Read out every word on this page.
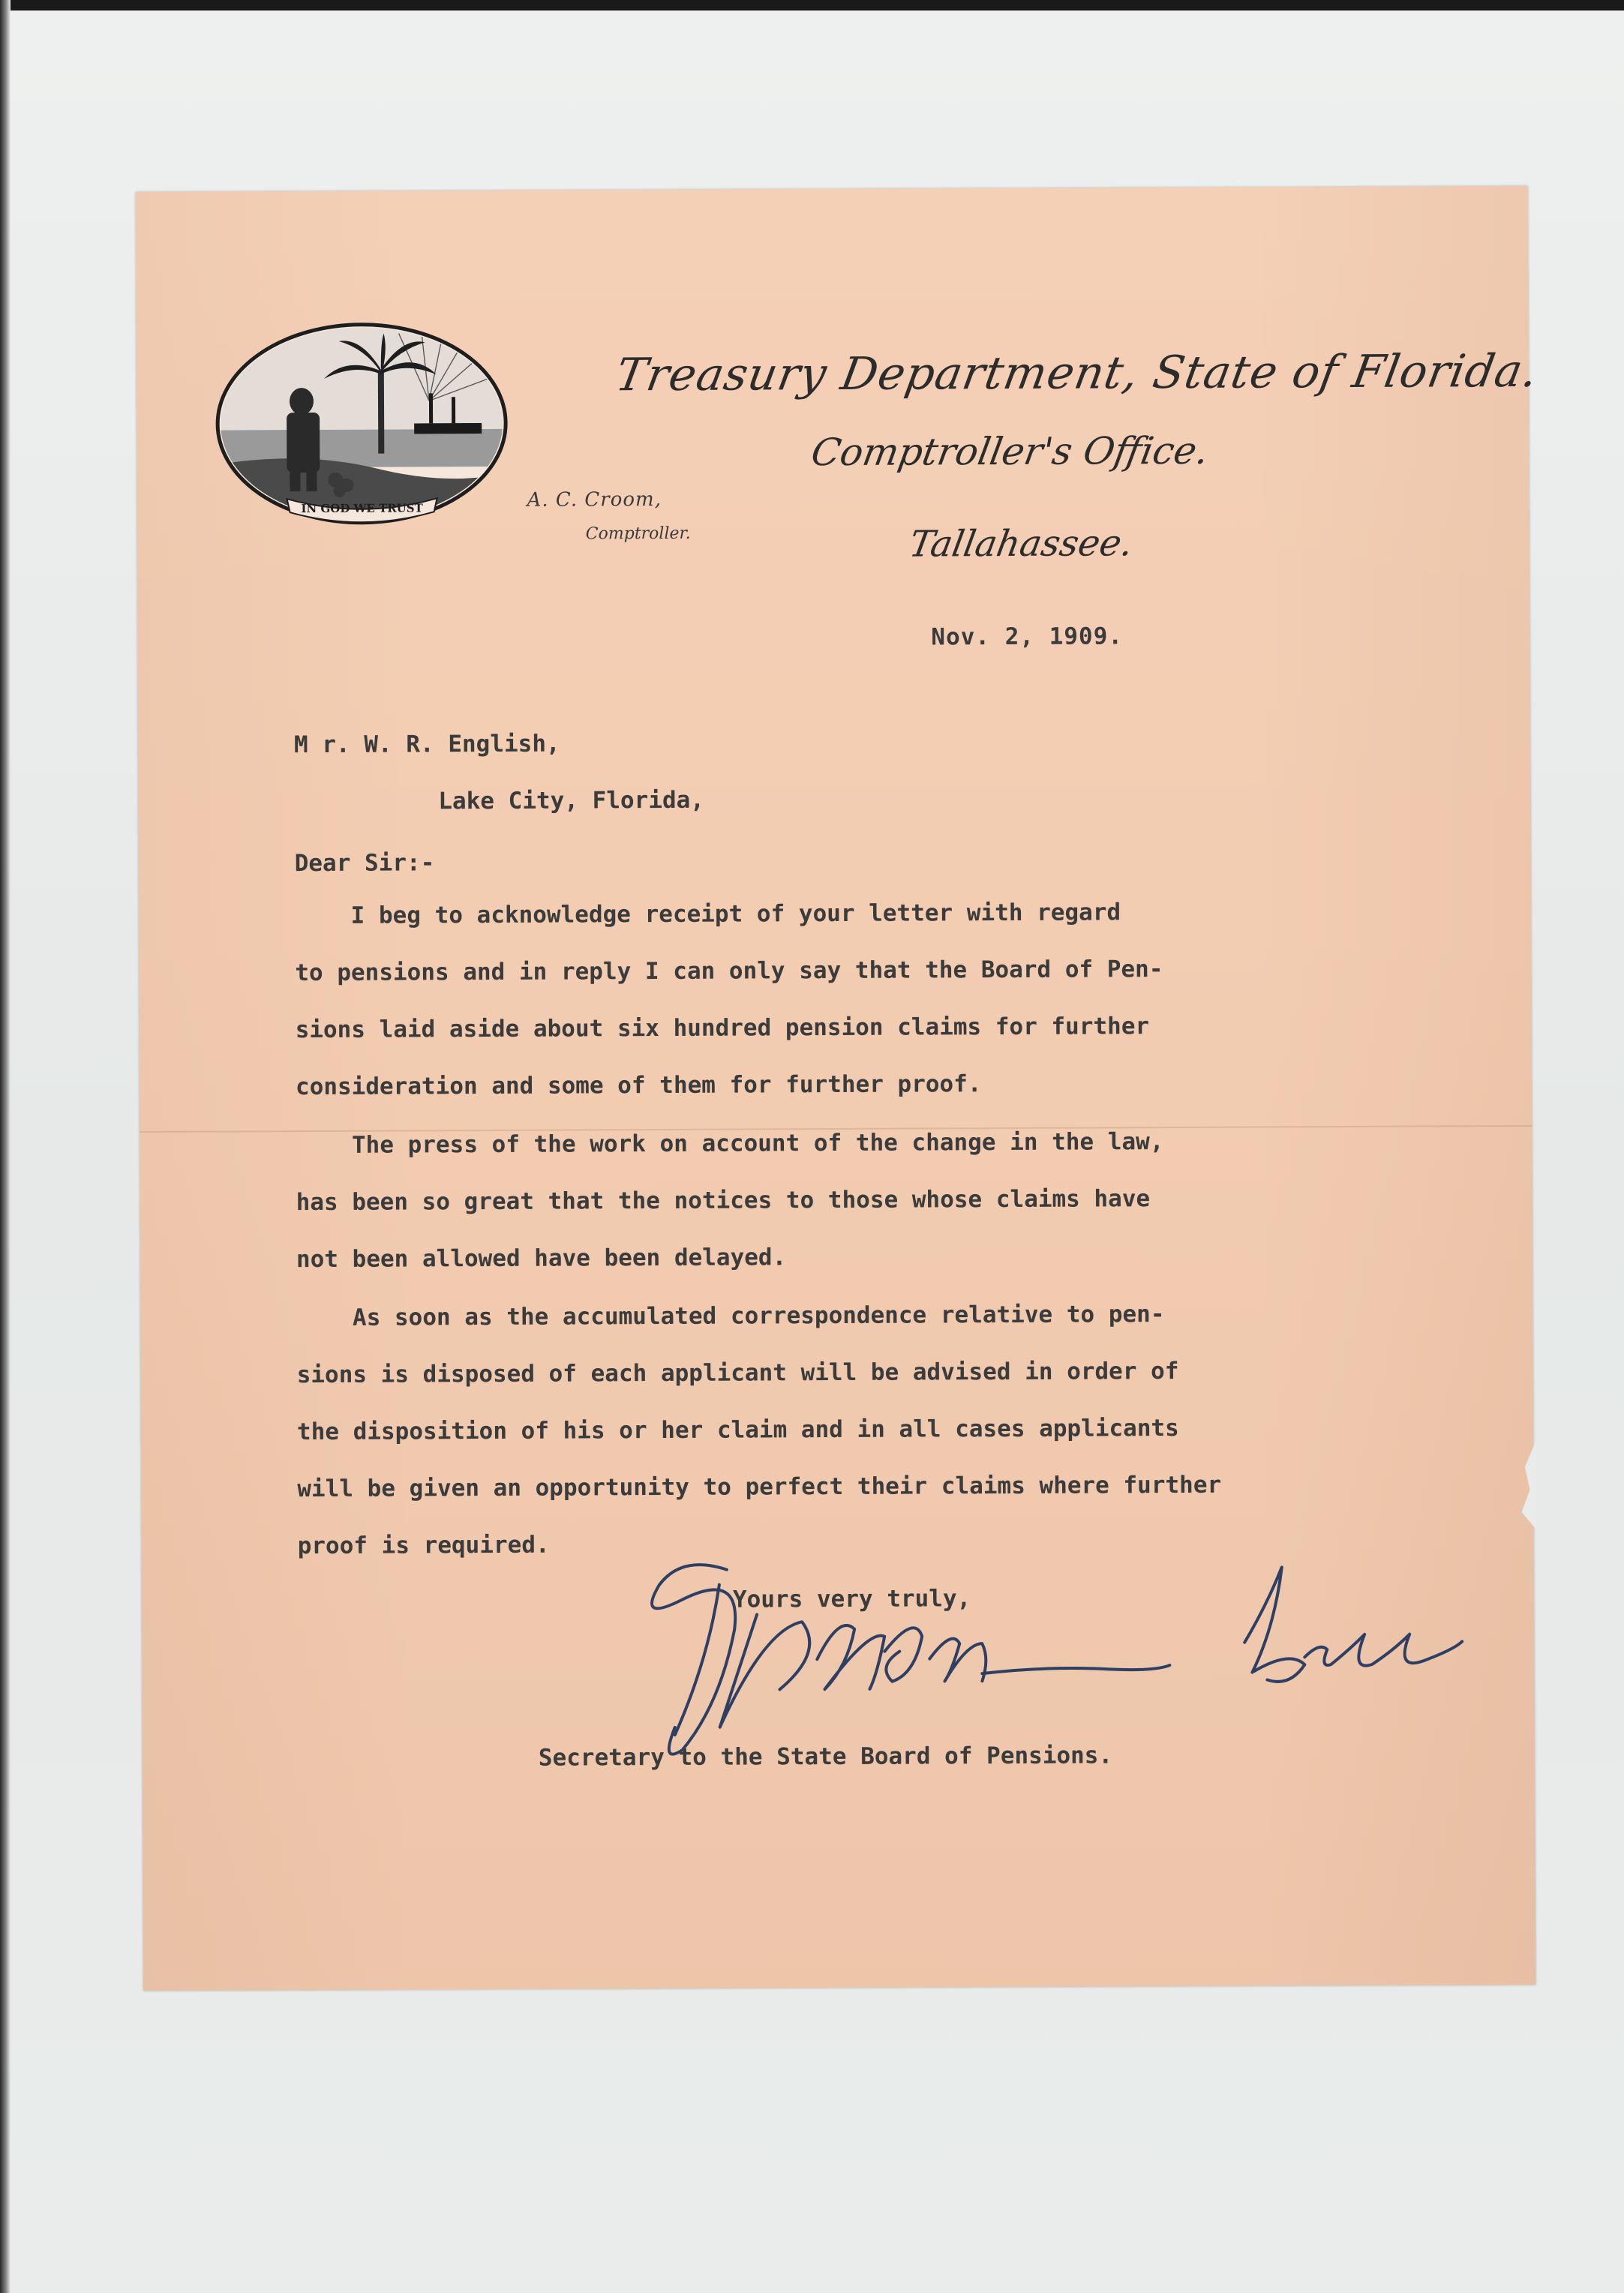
IN GOD WE TRUST
Treasury Department, State of Florida.
Comptroller's Office.
A. C. Croom,
Comptroller.	Tallahassee.
Nov. 2, 1909.
M r. W. R. English,
Lake City, Florida,
Dear Sir:-
I beg to acknowledge receipt of your letter with regard
to pensions and in reply I can only say that the Board of Pen-
sions laid aside about six hundred pension claims for further
consideration and some of them for further proof.
The press of the work on account of the change in the law,
has been so great that the notices to those whose claims have
not been allowed have been delayed.
As soon as the accumulated correspondence relative to pen-
sions is disposed of each applicant will be advised in order of
the disposition of his or her claim and in all cases applicants
will be given an opportunity to perfect their claims where further
proof is required.
Yours very truly,
Secretary to the State Board of Pensions.
